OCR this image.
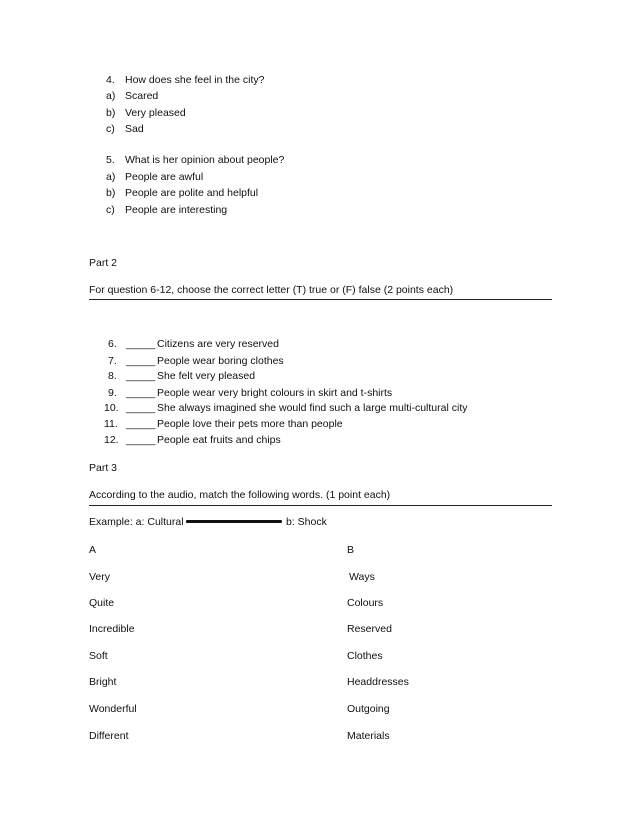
4. How does she feel in the city?
a) Scared
b) Very pleased
c) Sad
5. What is her opinion about people?
a) People are awful
b) People are polite and helpful
c) People are interesting
Part 2
For question 6-12, choose the correct letter (T) true or (F) false (2 points each)
6. _____ Citizens are very reserved
7. _____ People wear boring clothes
8. _____ She felt very pleased
9. _____ People wear very bright colours in skirt and t-shirts
10. _____ She always imagined she would find such a large multi-cultural city
11. _____ People love their pets more than people
12. _____ People eat fruits and chips
Part 3
According to the audio, match the following words. (1 point each)
Example: a: Cultural	b: Shock
A	B
Very	Ways
Quite	Colours
Incredible	Reserved
Soft	Clothes
Bright	Headdresses
Wonderful	Outgoing
Different	Materials
